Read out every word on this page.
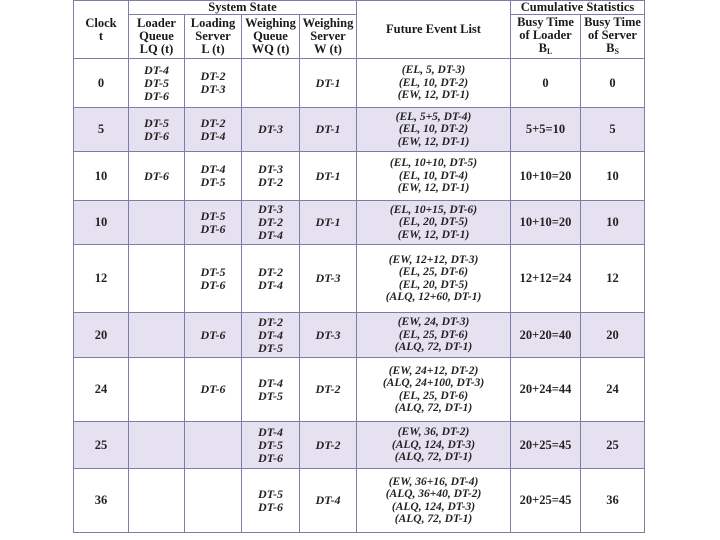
Clock
t	System State				Future Event List	Cumulative Statistics	

	Loader
Queue
LQ (t)	Loading
Server
L (t)	Weighing
Queue
WQ (t)	Weighing
Server
W (t)		Busy Time
of Loader
$B_L$	Busy Time
of Server
$B_S$

0	DT-4
DT-5
DT-6	DT-2
DT-3		DT-1	(EL, 5, DT-3)
(EL, 10, DT-2)
(EW, 12, DT-1)	0	0
5	DT-5
DT-6	DT-2
DT-4	DT-3	DT-1	(EL, 5+5, DT-4)
(EL, 10, DT-2)
(EW, 12, DT-1)	5+5=10	5
10	DT-6	DT-4
DT-5	DT-3
DT-2	DT-1	(EL, 10+10, DT-5)
(EL, 10, DT-4)
(EW, 12, DT-1)	10+10=20	10
10		DT-5
DT-6	DT-3
DT-2
DT-4	DT-1	(EL, 10+15, DT-6)
(EL, 20, DT-5)
(EW, 12, DT-1)	10+10=20	10
12		DT-5
DT-6	DT-2
DT-4	DT-3	(EW, 12+12, DT-3)
(EL, 25, DT-6)
(EL, 20, DT-5)
(ALQ, 12+60, DT-1)	12+12=24	12
20		DT-6	DT-2
DT-4
DT-5	DT-3	(EW, 24, DT-3)
(EL, 25, DT-6)
(ALQ, 72, DT-1)	20+20=40	20
24		DT-6	DT-4
DT-5	DT-2	(EW, 24+12, DT-2)
(ALQ, 24+100, DT-3)
(EL, 25, DT-6)
(ALQ, 72, DT-1)	20+24=44	24
25			DT-4
DT-5
DT-6	DT-2	(EW, 36, DT-2)
(ALQ, 124, DT-3)
(ALQ, 72, DT-1)	20+25=45	25
36			DT-5
DT-6	DT-4	(EW, 36+16, DT-4)
(ALQ, 36+40, DT-2)
(ALQ, 124, DT-3)
(ALQ, 72, DT-1)	20+25=45	36
